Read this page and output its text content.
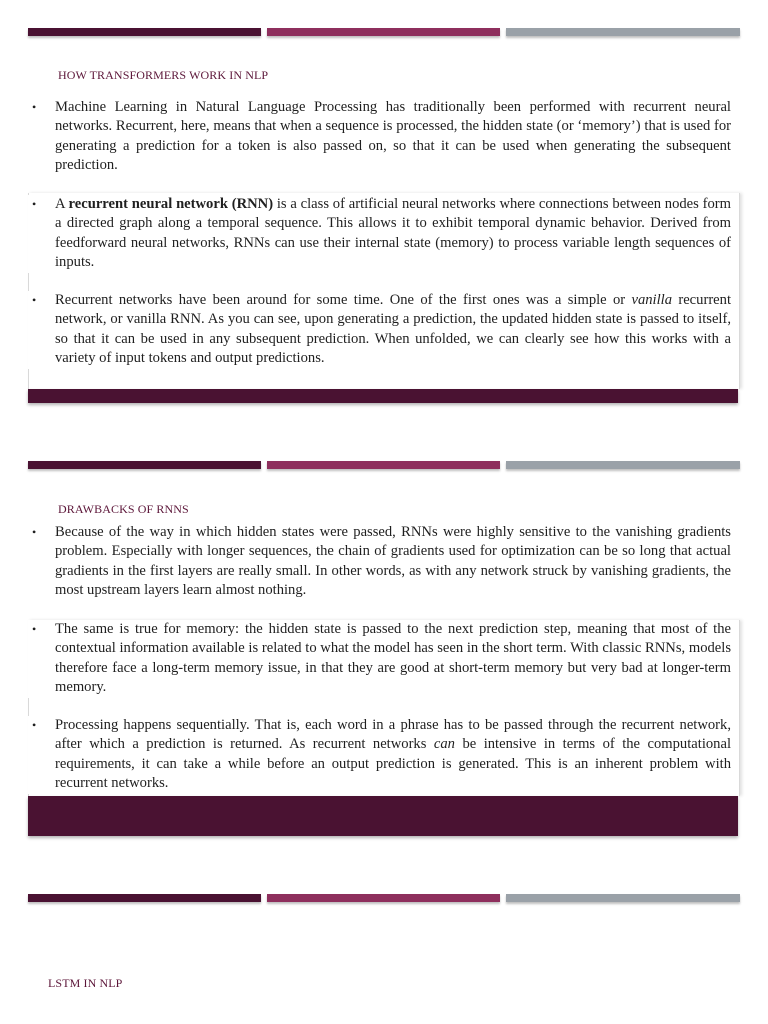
HOW TRANSFORMERS WORK IN NLP
• Machine Learning in Natural Language Processing has traditionally been performed with recurrent neural networks. Recurrent, here, means that when a sequence is processed, the hidden state (or ‘memory’) that is used for generating a prediction for a token is also passed on, so that it can be used when generating the subsequent prediction.
• A recurrent neural network (RNN) is a class of artificial neural networks where connections between nodes form a directed graph along a temporal sequence. This allows it to exhibit temporal dynamic behavior. Derived from feedforward neural networks, RNNs can use their internal state (memory) to process variable length sequences of inputs.
• Recurrent networks have been around for some time. One of the first ones was a simple or vanilla recurrent network, or vanilla RNN. As you can see, upon generating a prediction, the updated hidden state is passed to itself, so that it can be used in any subsequent prediction. When unfolded, we can clearly see how this works with a variety of input tokens and output predictions.
DRAWBACKS OF RNNS
• Because of the way in which hidden states were passed, RNNs were highly sensitive to the vanishing gradients problem. Especially with longer sequences, the chain of gradients used for optimization can be so long that actual gradients in the first layers are really small. In other words, as with any network struck by vanishing gradients, the most upstream layers learn almost nothing.
• The same is true for memory: the hidden state is passed to the next prediction step, meaning that most of the contextual information available is related to what the model has seen in the short term. With classic RNNs, models therefore face a long-term memory issue, in that they are good at short-term memory but very bad at longer-term memory.
• Processing happens sequentially. That is, each word in a phrase has to be passed through the recurrent network, after which a prediction is returned. As recurrent networks can be intensive in terms of the computational requirements, it can take a while before an output prediction is generated. This is an inherent problem with recurrent networks.
LSTM IN NLP
